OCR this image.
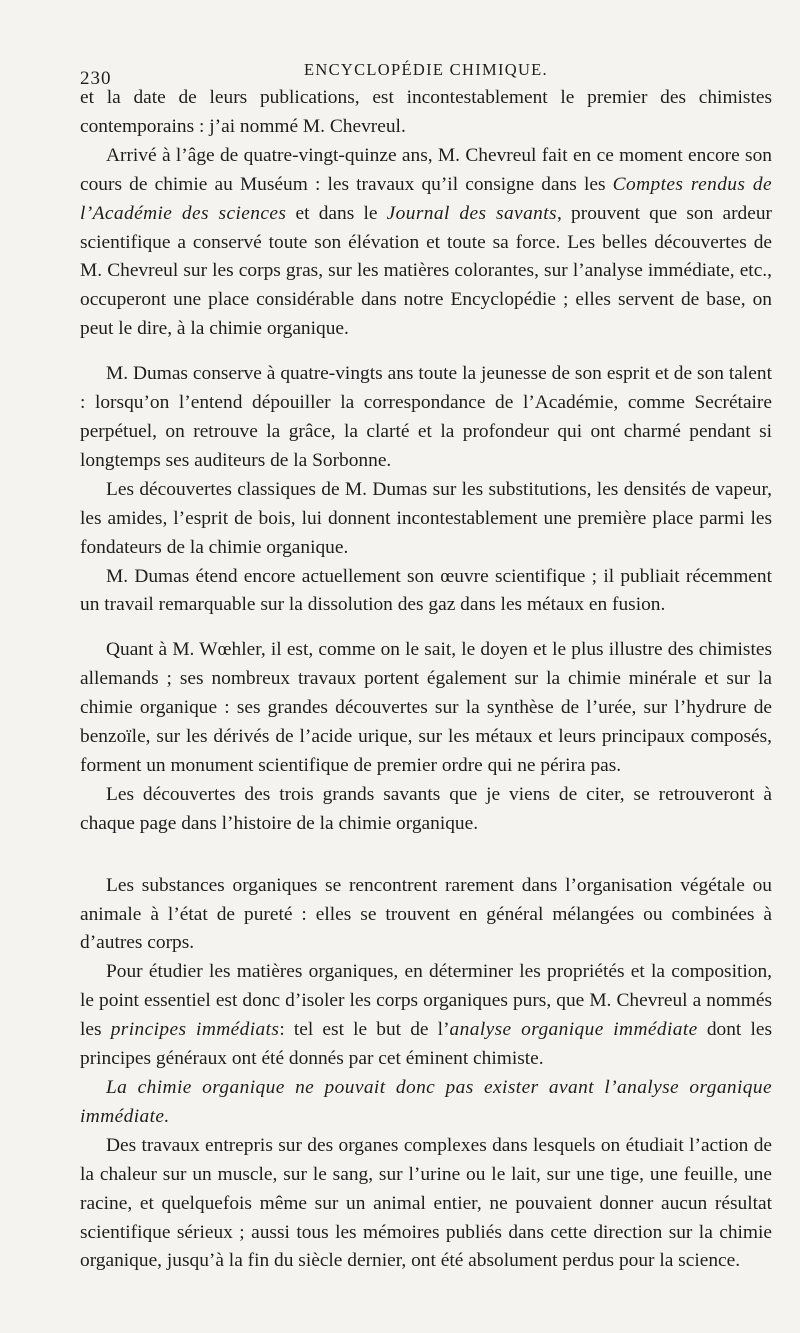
230	ENCYCLOPÉDIE CHIMIQUE.

et la date de leurs publications, est incontestablement le premier des chimistes contemporains : j’ai nommé M. Chevreul.

Arrivé à l’âge de quatre-vingt-quinze ans, M. Chevreul fait en ce moment encore son cours de chimie au Muséum : les travaux qu’il consigne dans les Comptes rendus de l’Académie des sciences et dans le Journal des savants, prouvent que son ardeur scientifique a conservé toute son élévation et toute sa force. Les belles découvertes de M. Chevreul sur les corps gras, sur les matières colorantes, sur l’analyse immédiate, etc., occuperont une place considérable dans notre Encyclopédie ; elles servent de base, on peut le dire, à la chimie organique.

M. Dumas conserve à quatre-vingts ans toute la jeunesse de son esprit et de son talent : lorsqu’on l’entend dépouiller la correspondance de l’Académie, comme Secrétaire perpétuel, on retrouve la grâce, la clarté et la profondeur qui ont charmé pendant si longtemps ses auditeurs de la Sorbonne.

Les découvertes classiques de M. Dumas sur les substitutions, les densités de vapeur, les amides, l’esprit de bois, lui donnent incontestablement une première place parmi les fondateurs de la chimie organique.

M. Dumas étend encore actuellement son œuvre scientifique ; il publiait récemment un travail remarquable sur la dissolution des gaz dans les métaux en fusion.

Quant à M. Wœhler, il est, comme on le sait, le doyen et le plus illustre des chimistes allemands ; ses nombreux travaux portent également sur la chimie minérale et sur la chimie organique : ses grandes découvertes sur la synthèse de l’urée, sur l’hydrure de benzoïle, sur les dérivés de l’acide urique, sur les métaux et leurs principaux composés, forment un monument scientifique de premier ordre qui ne périra pas.

Les découvertes des trois grands savants que je viens de citer, se retrouveront à chaque page dans l’histoire de la chimie organique.

Les substances organiques se rencontrent rarement dans l’organisation végétale ou animale à l’état de pureté : elles se trouvent en général mélangées ou combinées à d’autres corps.

Pour étudier les matières organiques, en déterminer les propriétés et la composition, le point essentiel est donc d’isoler les corps organiques purs, que M. Chevreul a nommés les principes immédiats: tel est le but de l’analyse organique immédiate dont les principes généraux ont été donnés par cet éminent chimiste.

La chimie organique ne pouvait donc pas exister avant l’analyse organique immédiate.

Des travaux entrepris sur des organes complexes dans lesquels on étudiait l’action de la chaleur sur un muscle, sur le sang, sur l’urine ou le lait, sur une tige, une feuille, une racine, et quelquefois même sur un animal entier, ne pouvaient donner aucun résultat scientifique sérieux ; aussi tous les mémoires publiés dans cette direction sur la chimie organique, jusqu’à la fin du siècle dernier, ont été absolument perdus pour la science.
